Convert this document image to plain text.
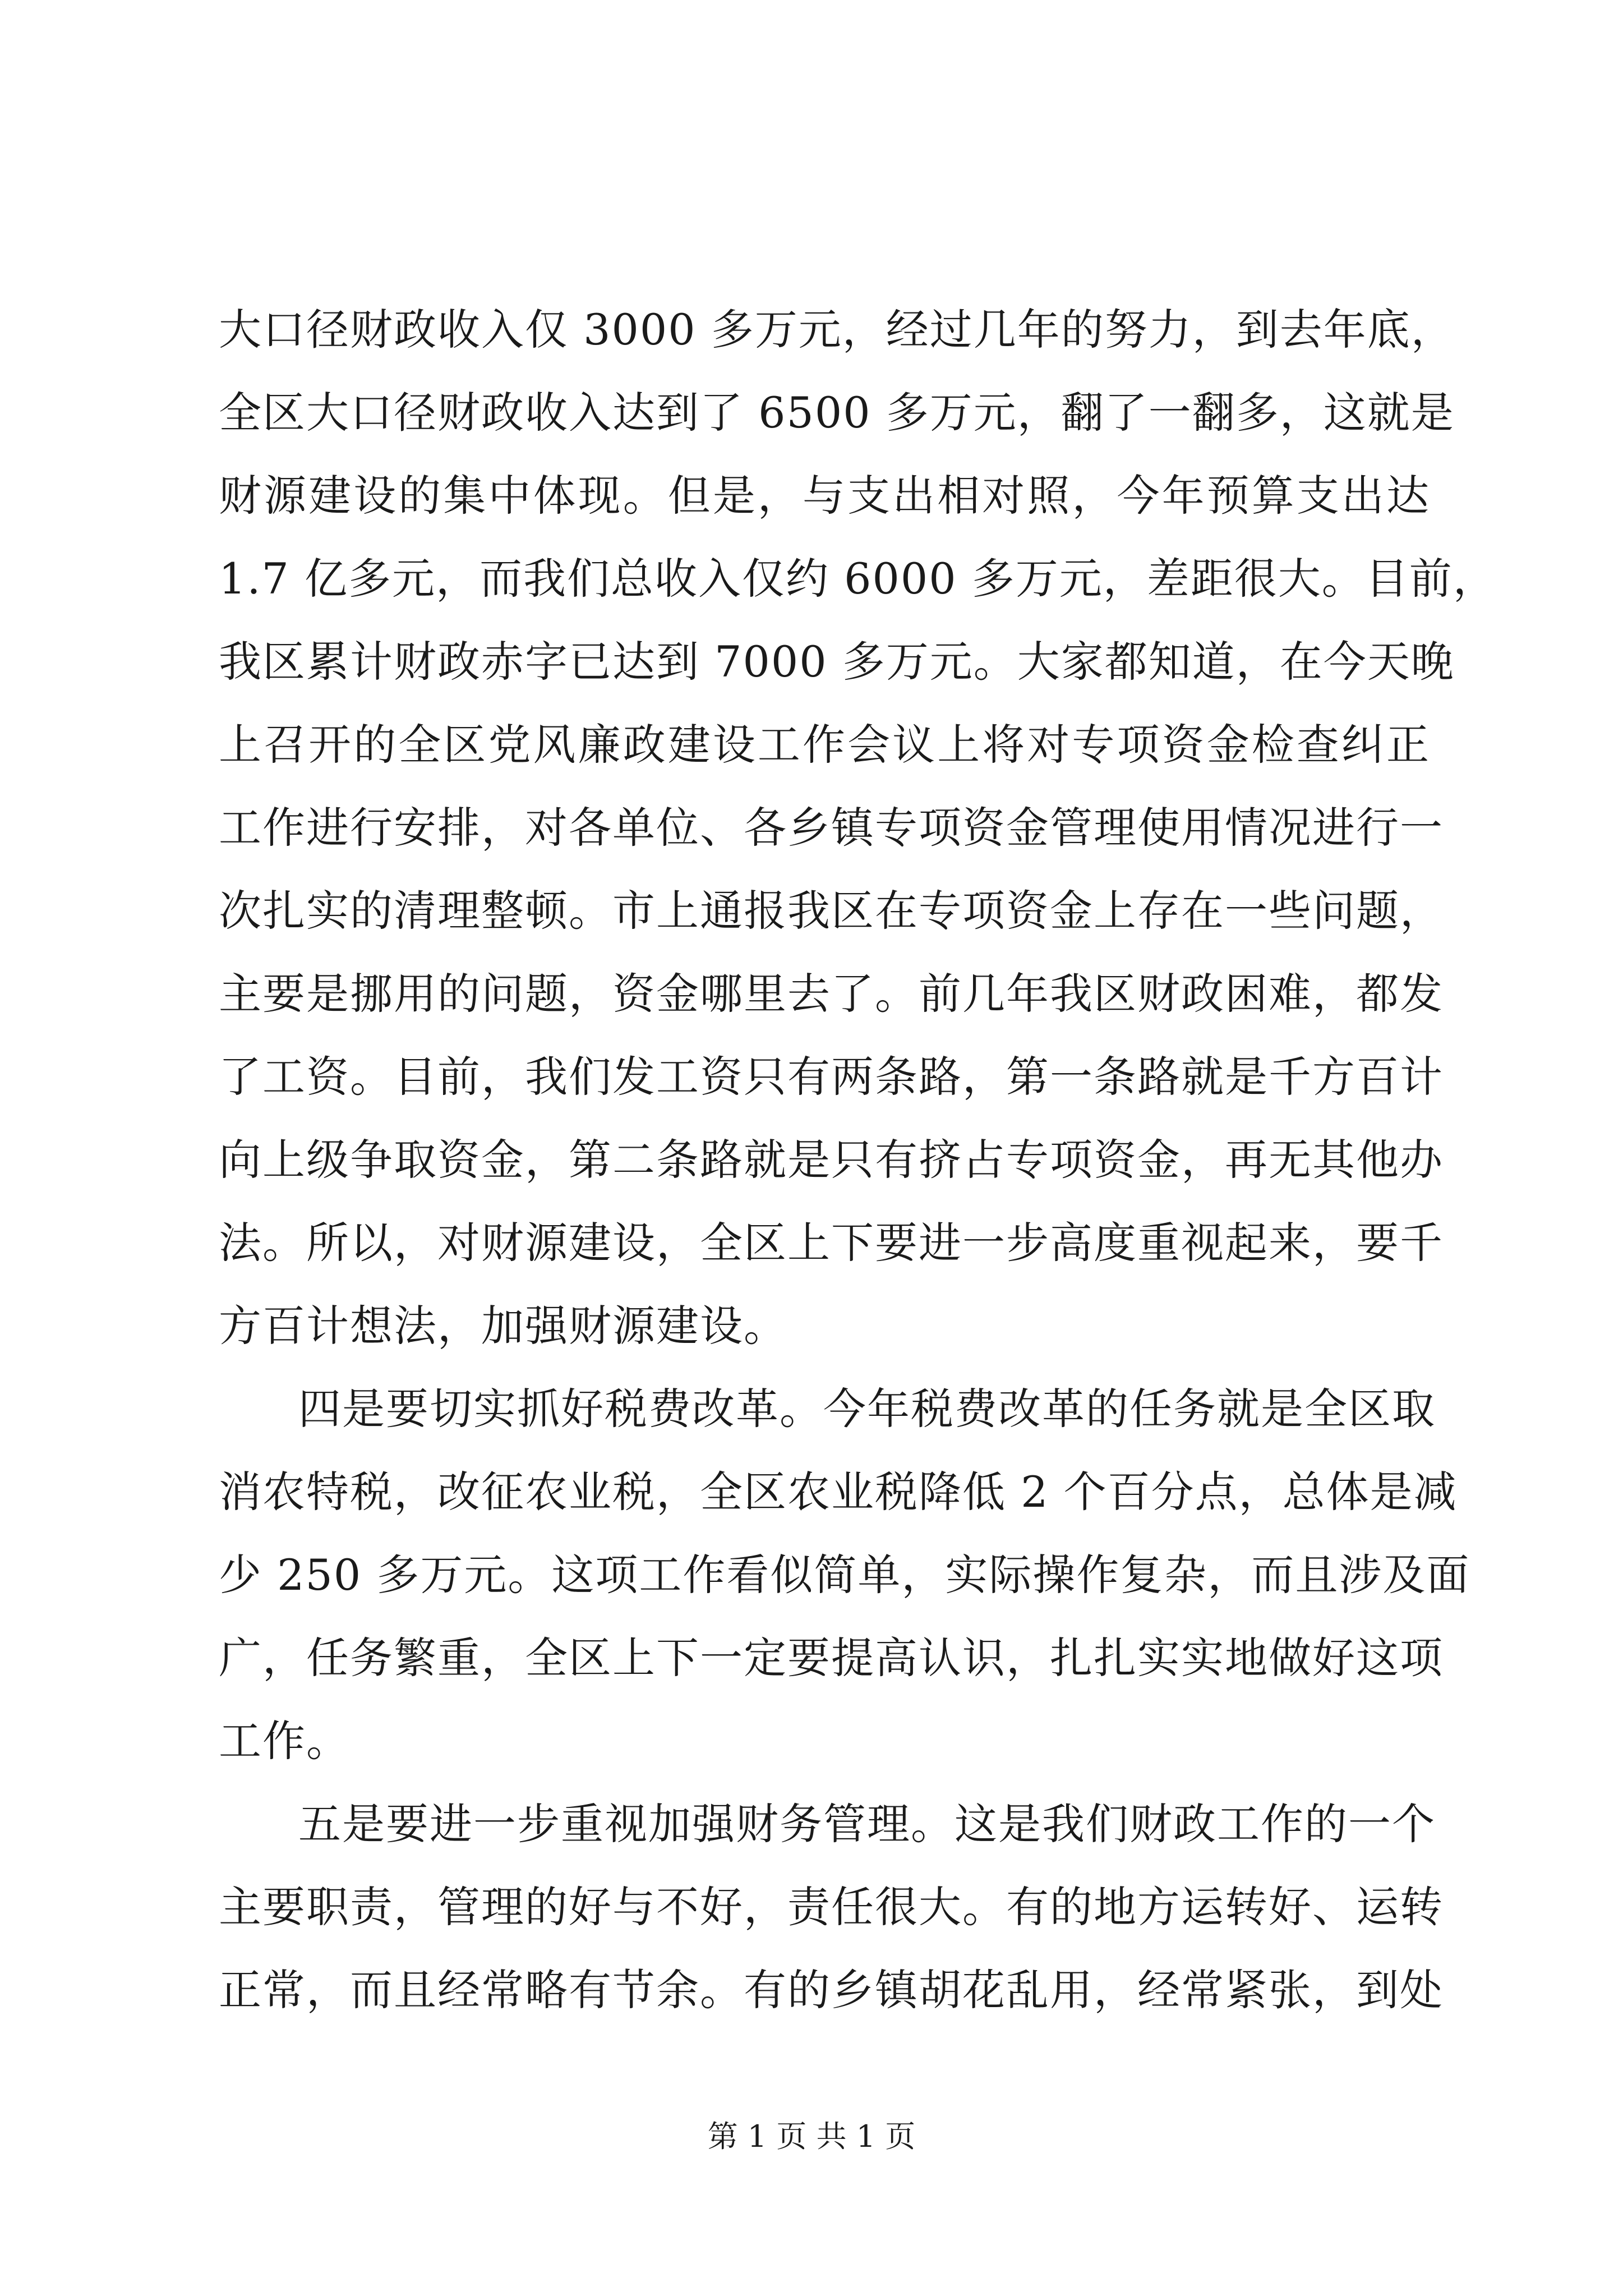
大口径财政收入仅 3000 多万元，经过几年的努力，到去年底，
全区大口径财政收入达到了 6500 多万元，翻了一翻多，这就是
财源建设的集中体现。但是，与支出相对照，今年预算支出达
1.7 亿多元，而我们总收入仅约 6000 多万元，差距很大。目前，
我区累计财政赤字已达到 7000 多万元。大家都知道，在今天晚
上召开的全区党风廉政建设工作会议上将对专项资金检查纠正
工作进行安排，对各单位、各乡镇专项资金管理使用情况进行一
次扎实的清理整顿。市上通报我区在专项资金上存在一些问题，
主要是挪用的问题，资金哪里去了。前几年我区财政困难，都发
了工资。目前，我们发工资只有两条路，第一条路就是千方百计
向上级争取资金，第二条路就是只有挤占专项资金，再无其他办
法。所以，对财源建设，全区上下要进一步高度重视起来，要千
方百计想法，加强财源建设。
四是要切实抓好税费改革。今年税费改革的任务就是全区取
消农特税，改征农业税，全区农业税降低 2 个百分点，总体是减
少 250 多万元。这项工作看似简单，实际操作复杂，而且涉及面
广，任务繁重，全区上下一定要提高认识，扎扎实实地做好这项
工作。
五是要进一步重视加强财务管理。这是我们财政工作的一个
主要职责，管理的好与不好，责任很大。有的地方运转好、运转
正常，而且经常略有节余。有的乡镇胡花乱用，经常紧张，到处
第 1 页 共 1 页
